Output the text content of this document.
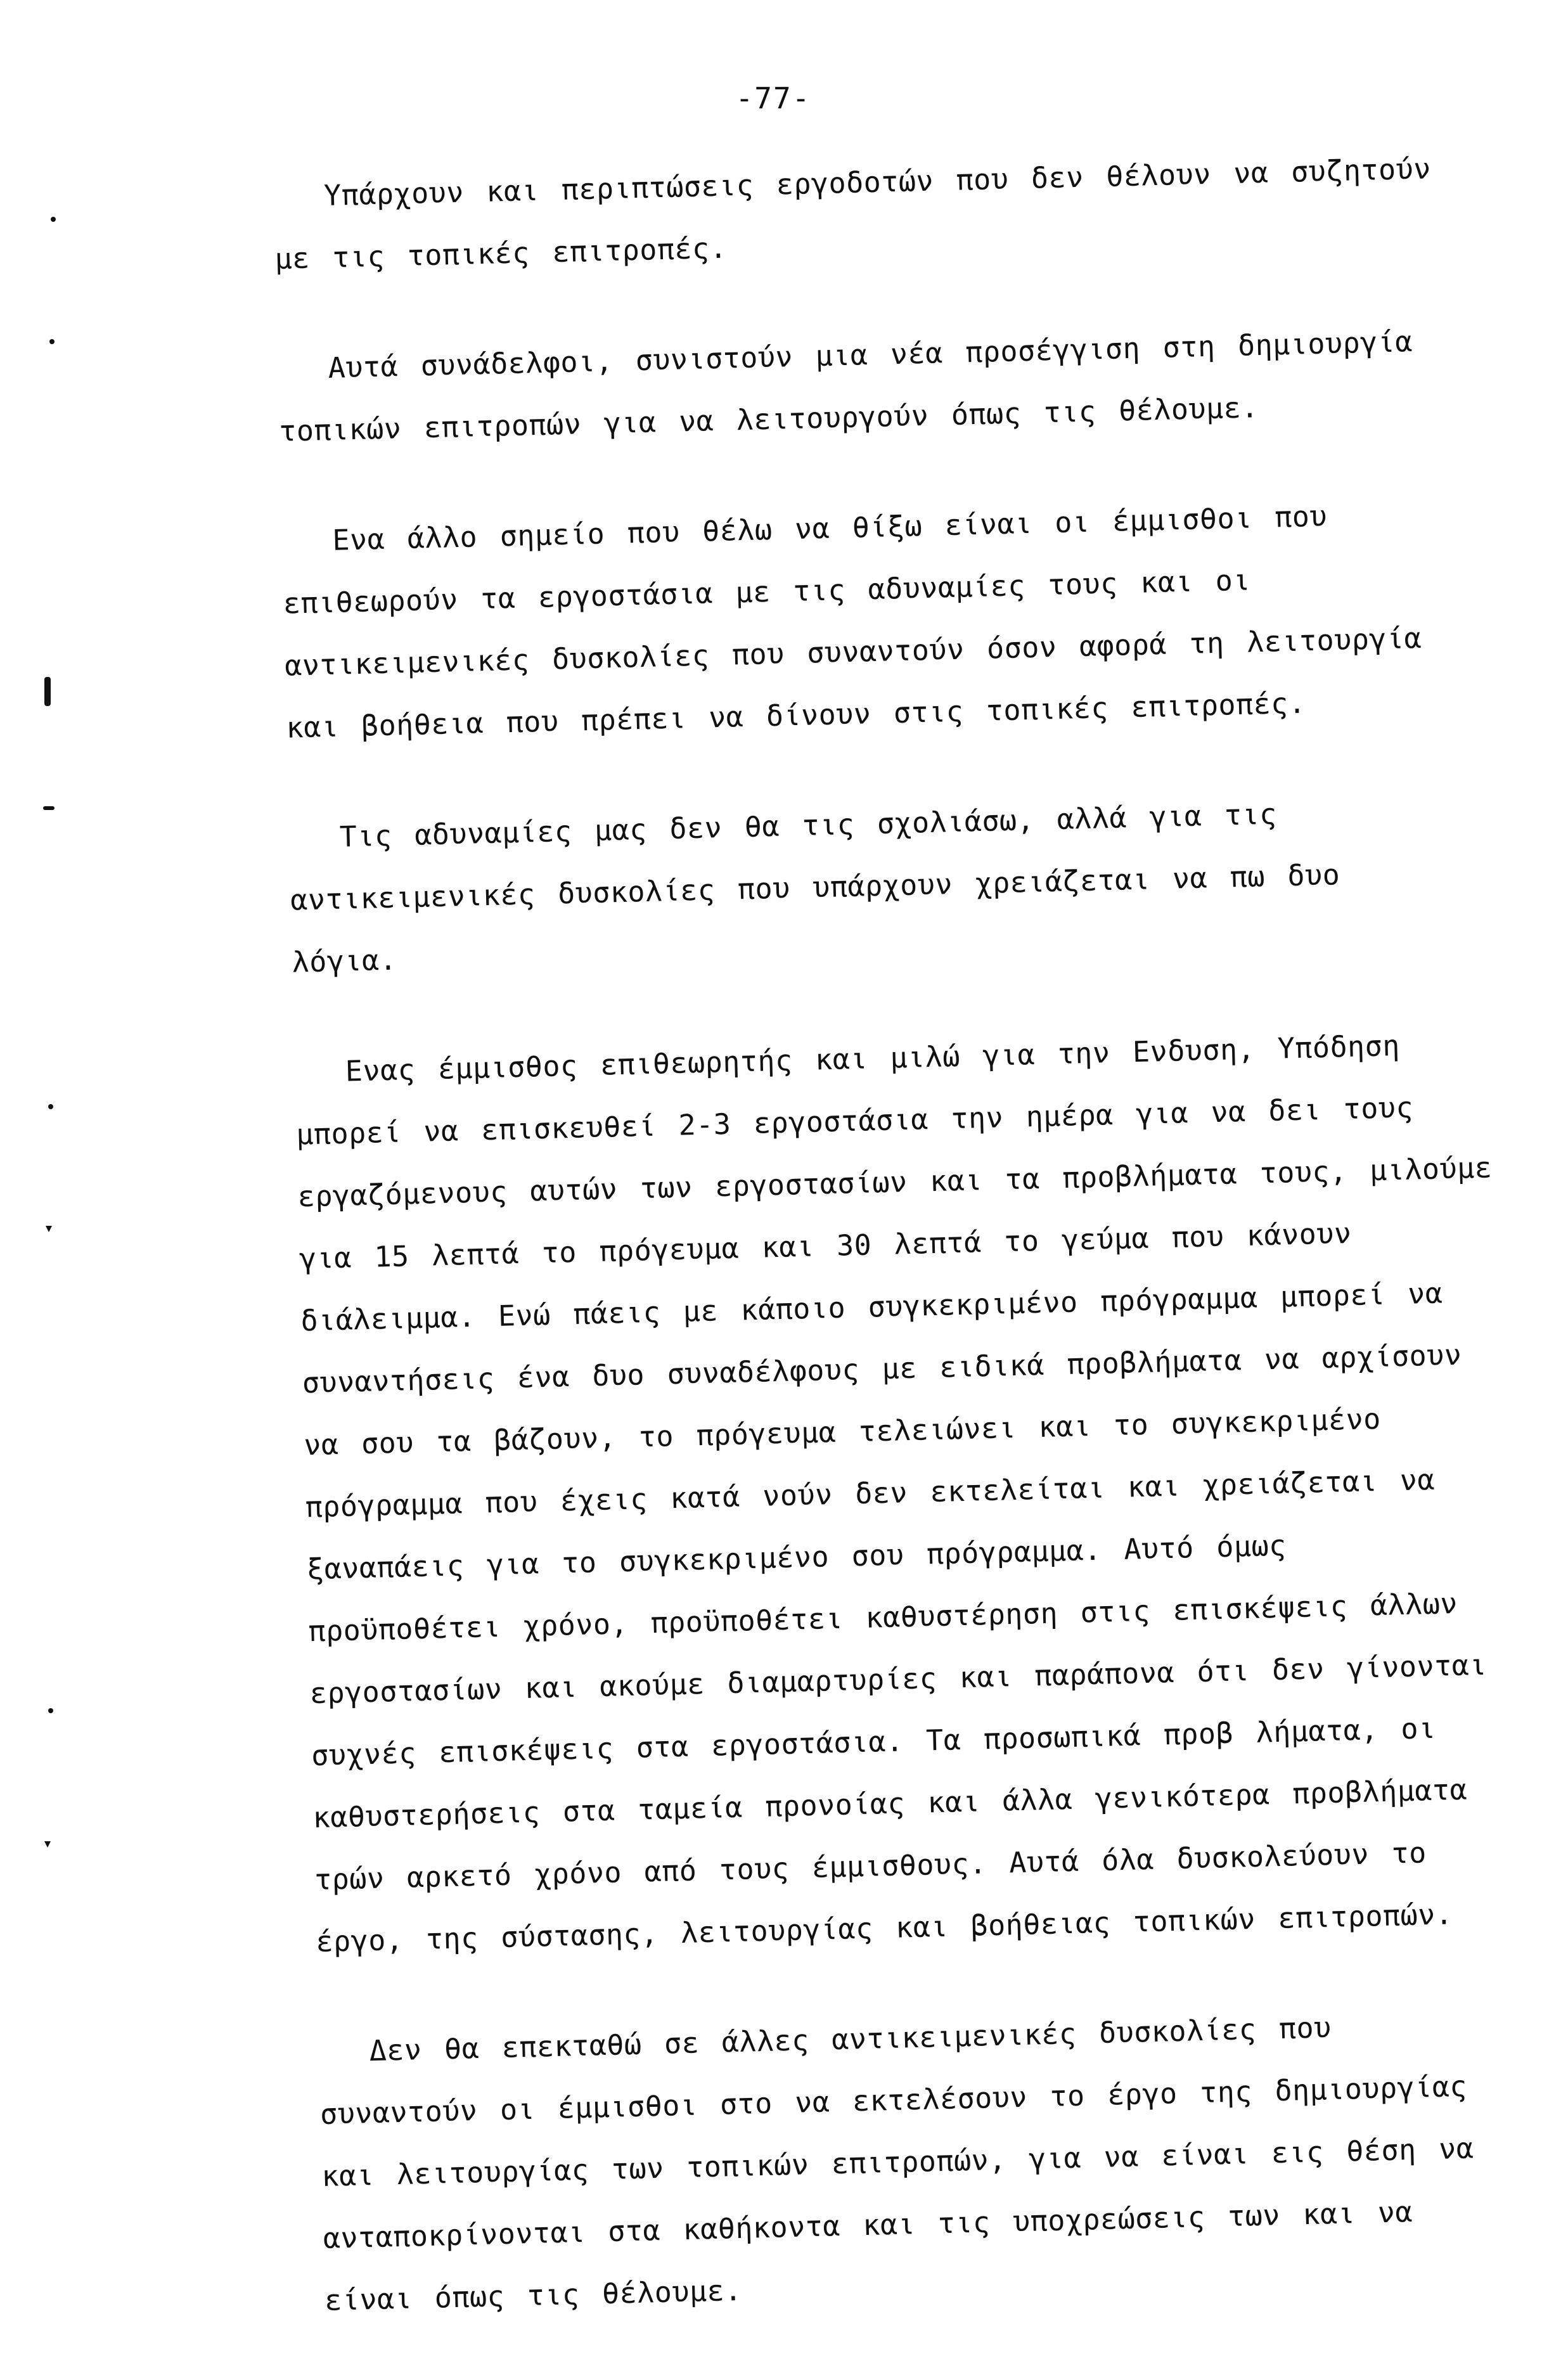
-77-
Υπάρχουν και περιπτώσεις εργοδοτών που δεν θέλουν να συζητούν
με τις τοπικές επιτροπές.
Αυτά συνάδελφοι, συνιστούν μια νέα προσέγγιση στη δημιουργία
τοπικών επιτροπών για να λειτουργούν όπως τις θέλουμε.
Ενα άλλο σημείο που θέλω να θίξω είναι οι έμμισθοι που
επιθεωρούν τα εργοστάσια με τις αδυναμίες τους και οι
αντικειμενικές δυσκολίες που συναντούν όσον αφορά τη λειτουργία
και βοήθεια που πρέπει να δίνουν στις τοπικές επιτροπές.
Τις αδυναμίες μας δεν θα τις σχολιάσω, αλλά για τις
αντικειμενικές δυσκολίες που υπάρχουν χρειάζεται να πω δυο
λόγια.
Ενας έμμισθος επιθεωρητής και μιλώ για την Ενδυση, Υπόδηση
μπορεί να επισκευθεί 2-3 εργοστάσια την ημέρα για να δει τους
εργαζόμενους αυτών των εργοστασίων και τα προβλήματα τους, μιλούμε
για 15 λεπτά το πρόγευμα και 30 λεπτά το γεύμα που κάνουν
διάλειμμα. Ενώ πάεις με κάποιο συγκεκριμένο πρόγραμμα μπορεί να
συναντήσεις ένα δυο συναδέλφους με ειδικά προβλήματα να αρχίσουν
να σου τα βάζουν, το πρόγευμα τελειώνει και το συγκεκριμένο
πρόγραμμα που έχεις κατά νούν δεν εκτελείται και χρειάζεται να
ξαναπάεις για το συγκεκριμένο σου πρόγραμμα. Αυτό όμως
προϋποθέτει χρόνο, προϋποθέτει καθυστέρηση στις επισκέψεις άλλων
εργοστασίων και ακούμε διαμαρτυρίες και παράπονα ότι δεν γίνονται
συχνές επισκέψεις στα εργοστάσια. Τα προσωπικά προβ λήματα, οι
καθυστερήσεις στα ταμεία προνοίας και άλλα γενικότερα προβλήματα
τρών αρκετό χρόνο από τους έμμισθους. Αυτά όλα δυσκολεύουν το
έργο, της σύστασης, λειτουργίας και βοήθειας τοπικών επιτροπών.
Δεν θα επεκταθώ σε άλλες αντικειμενικές δυσκολίες που
συναντούν οι έμμισθοι στο να εκτελέσουν το έργο της δημιουργίας
και λειτουργίας των τοπικών επιτροπών, για να είναι εις θέση να
ανταποκρίνονται στα καθήκοντα και τις υποχρεώσεις των και να
είναι όπως τις θέλουμε.
